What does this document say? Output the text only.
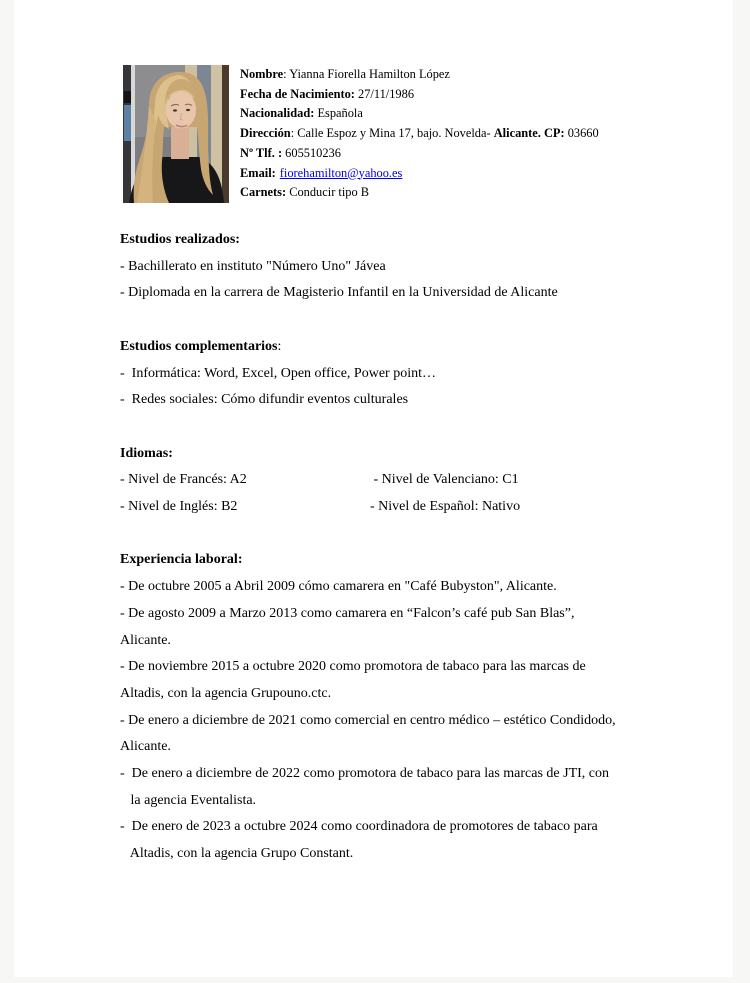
Nombre: Yianna Fiorella Hamilton López
Fecha de Nacimiento: 27/11/1986
Nacionalidad: Española
Dirección: Calle Espoz y Mina 17, bajo. Novelda- Alicante. CP: 03660
Nº Tlf. : 605510236
Email: fiorehamilton@yahoo.es
Carnets: Conducir tipo B
Estudios realizados:
- Bachillerato en instituto "Número Uno" Jávea
- Diplomada en la carrera de Magisterio Infantil en la Universidad de Alicante
Estudios complementarios:
-  Informática: Word, Excel, Open office, Power point…
-  Redes sociales: Cómo difundir eventos culturales
Idiomas:
- Nivel de Francés: A2	- Nivel de Valenciano: C1
- Nivel de Inglés: B2	- Nivel de Español: Nativo
Experiencia laboral:
- De octubre 2005 a Abril 2009 cómo camarera en "Café Bubyston", Alicante.
- De agosto 2009 a Marzo 2013 como camarera en “Falcon’s café pub San Blas”,
Alicante.
- De noviembre 2015 a octubre 2020 como promotora de tabaco para las marcas de
Altadis, con la agencia Grupouno.ctc.
- De enero a diciembre de 2021 como comercial en centro médico – estético Condidodo,
Alicante.
-  De enero a diciembre de 2022 como promotora de tabaco para las marcas de JTI, con
la agencia Eventalista.
-  De enero de 2023 a octubre 2024 como coordinadora de promotores de tabaco para
Altadis, con la agencia Grupo Constant.
